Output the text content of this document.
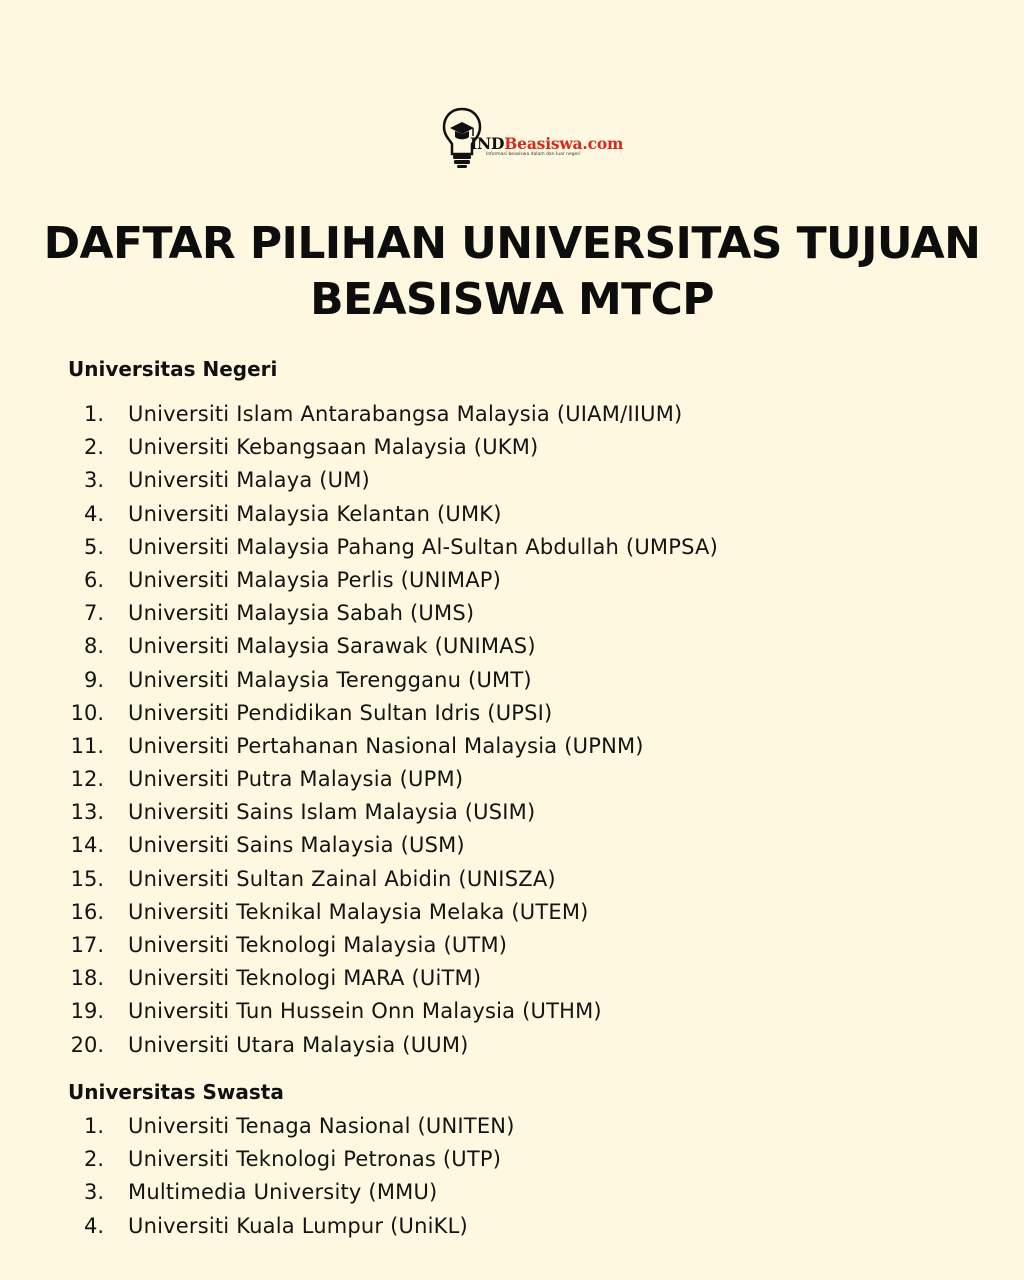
INDBeasiswa.com
Informasi beasiswa dalam dan luar negeri
DAFTAR PILIHAN UNIVERSITAS TUJUAN
BEASISWA MTCP
Universitas Negeri
1. Universiti Islam Antarabangsa Malaysia (UIAM/IIUM)
2. Universiti Kebangsaan Malaysia (UKM)
3. Universiti Malaya (UM)
4. Universiti Malaysia Kelantan (UMK)
5. Universiti Malaysia Pahang Al-Sultan Abdullah (UMPSA)
6. Universiti Malaysia Perlis (UNIMAP)
7. Universiti Malaysia Sabah (UMS)
8. Universiti Malaysia Sarawak (UNIMAS)
9. Universiti Malaysia Terengganu (UMT)
10. Universiti Pendidikan Sultan Idris (UPSI)
11. Universiti Pertahanan Nasional Malaysia (UPNM)
12. Universiti Putra Malaysia (UPM)
13. Universiti Sains Islam Malaysia (USIM)
14. Universiti Sains Malaysia (USM)
15. Universiti Sultan Zainal Abidin (UNISZA)
16. Universiti Teknikal Malaysia Melaka (UTEM)
17. Universiti Teknologi Malaysia (UTM)
18. Universiti Teknologi MARA (UiTM)
19. Universiti Tun Hussein Onn Malaysia (UTHM)
20. Universiti Utara Malaysia (UUM)
Universitas Swasta
1. Universiti Tenaga Nasional (UNITEN)
2. Universiti Teknologi Petronas (UTP)
3. Multimedia University (MMU)
4. Universiti Kuala Lumpur (UniKL)
